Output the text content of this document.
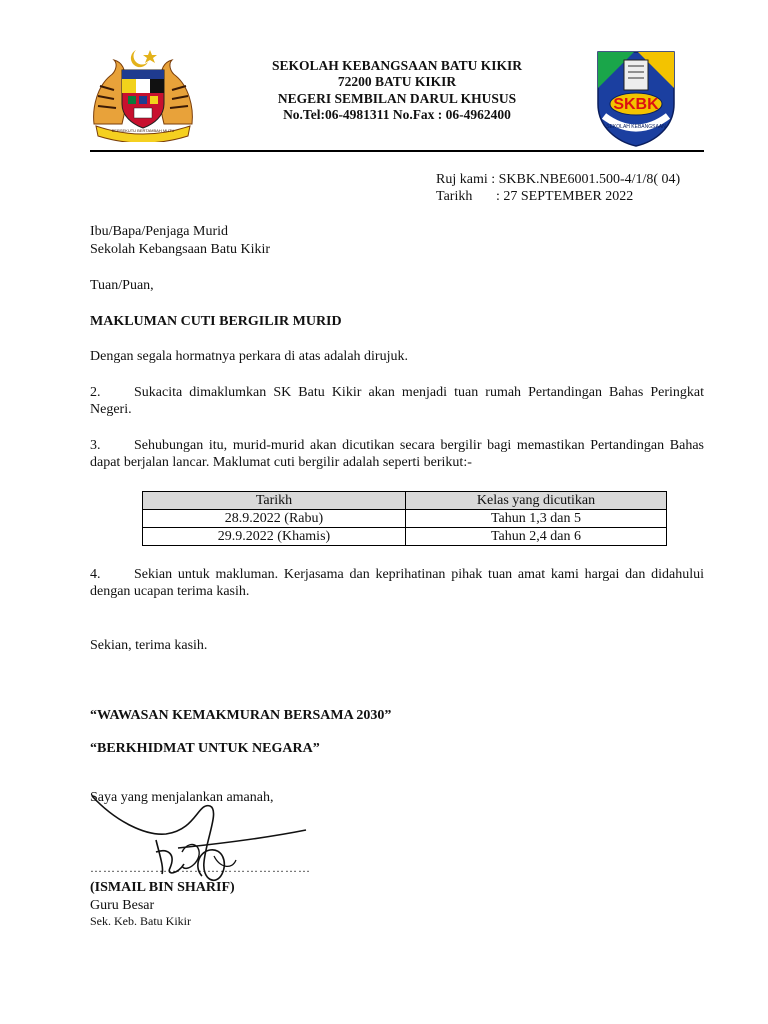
BERSEKUTU BERTAMBAH MUTU
SEKOLAH KEBANGSAAN BATU KIKIR
72200 BATU KIKIR
NEGERI SEMBILAN DARUL KHUSUS
No.Tel:06-4981311 No.Fax : 06-4962400
SKBK
SEKOLAH KEBANGSAAN
Ruj kami : SKBK.NBE6001.500-4/1/8( 04)
Tarikh : 27 SEPTEMBER 2022
Ibu/Bapa/Penjaga Murid
Sekolah Kebangsaan Batu Kikir
Tuan/Puan,
MAKLUMAN CUTI BERGILIR MURID
Dengan segala hormatnya perkara di atas adalah dirujuk.

2. Sukacita dimaklumkan SK Batu Kikir akan menjadi tuan rumah Pertandingan Bahas Peringkat Negeri.

3. Sehubungan itu, murid-murid akan dicutikan secara bergilir bagi memastikan Pertandingan Bahas dapat berjalan lancar. Maklumat cuti bergilir adalah seperti berikut:-

Tarikh	Kelas yang dicutikan
28.9.2022 (Rabu)	Tahun 1,3 dan 5
29.9.2022 (Khamis)	Tahun 2,4 dan 6

4. Sekian untuk makluman. Kerjasama dan keprihatinan pihak tuan amat kami hargai dan didahului dengan ucapan terima kasih.

Sekian, terima kasih.
“WAWASAN KEMAKMURAN BERSAMA 2030”
“BERKHIDMAT UNTUK NEGARA”
Saya yang menjalankan amanah,
……………………………………………
(ISMAIL BIN SHARIF)
Guru Besar
Sek. Keb. Batu Kikir
